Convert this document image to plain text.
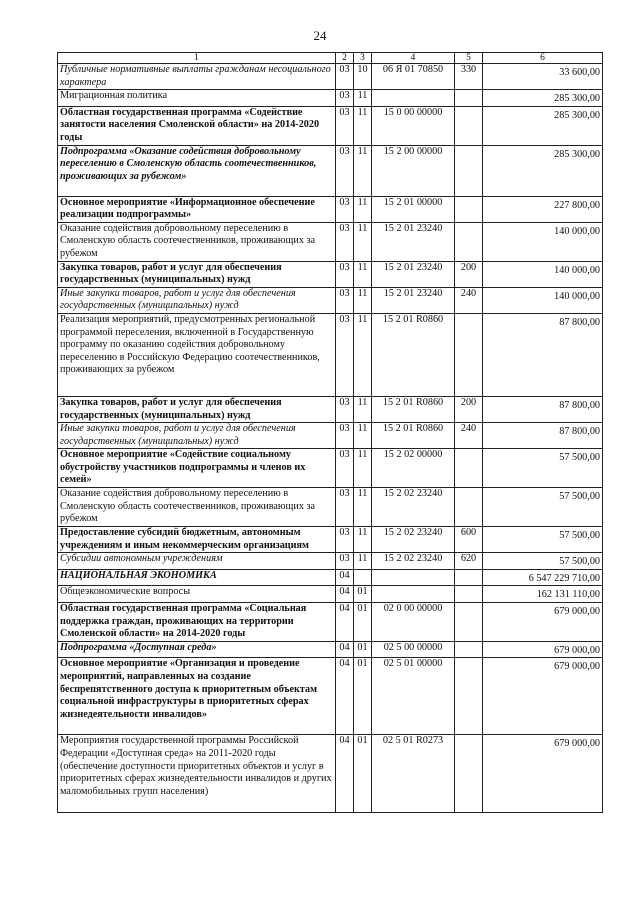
24
1	2	3	4	5	6
Публичные нормативные выплаты гражданам несоциального характера	03	10	06 Я 01 70850	330	33 600,00
Миграционная политика	03	11			285 300,00
Областная государственная программа «Содействие занятости населения Смоленской области» на 2014-2020 годы	03	11	15 0 00 00000		285 300,00
Подпрограмма «Оказание содействия добровольному переселению в Смоленскую область соотечественников, проживающих за рубежом»	03	11	15 2 00 00000		285 300,00
Основное мероприятие «Информационное обеспечение реализации подпрограммы»	03	11	15 2 01 00000		227 800,00
Оказание содействия добровольному переселению в Смоленскую область соотечественников, проживающих за рубежом	03	11	15 2 01 23240		140 000,00
Закупка товаров, работ и услуг для обеспечения государственных (муниципальных) нужд	03	11	15 2 01 23240	200	140 000,00
Иные закупки товаров, работ и услуг для обеспечения государственных (муниципальных) нужд	03	11	15 2 01 23240	240	140 000,00
Реализация мероприятий, предусмотренных региональной программой переселения, включенной в Государственную программу по оказанию содействия добровольному переселению в Российскую Федерацию соотечественников, проживающих за рубежом	03	11	15 2 01 R0860		87 800,00
Закупка товаров, работ и услуг для обеспечения государственных (муниципальных) нужд	03	11	15 2 01 R0860	200	87 800,00
Иные закупки товаров, работ и услуг для обеспечения государственных (муниципальных) нужд	03	11	15 2 01 R0860	240	87 800,00
Основное мероприятие «Содействие социальному обустройству участников подпрограммы и членов их семей»	03	11	15 2 02 00000		57 500,00
Оказание содействия добровольному переселению в Смоленскую область соотечественников, проживающих за рубежом	03	11	15 2 02 23240		57 500,00
Предоставление субсидий бюджетным, автономным учреждениям и иным некоммерческим организациям	03	11	15 2 02 23240	600	57 500,00
Субсидии автономным учреждениям	03	11	15 2 02 23240	620	57 500,00
НАЦИОНАЛЬНАЯ ЭКОНОМИКА	04				6 547 229 710,00
Общеэкономические вопросы	04	01			162 131 110,00
Областная государственная программа «Социальная поддержка граждан, проживающих на территории Смоленской области» на 2014-2020 годы	04	01	02 0 00 00000		679 000,00
Подпрограмма «Доступная среда»	04	01	02 5 00 00000		679 000,00
Основное мероприятие «Организация и проведение мероприятий, направленных на создание беспрепятственного доступа к приоритетным объектам социальной инфраструктуры в приоритетных сферах жизнедеятельности инвалидов»	04	01	02 5 01 00000		679 000,00
Мероприятия государственной программы Российской Федерации «Доступная среда» на 2011-2020 годы (обеспечение доступности приоритетных объектов и услуг в приоритетных сферах жизнедеятельности инвалидов и других маломобильных групп населения)	04	01	02 5 01 R0273		679 000,00
